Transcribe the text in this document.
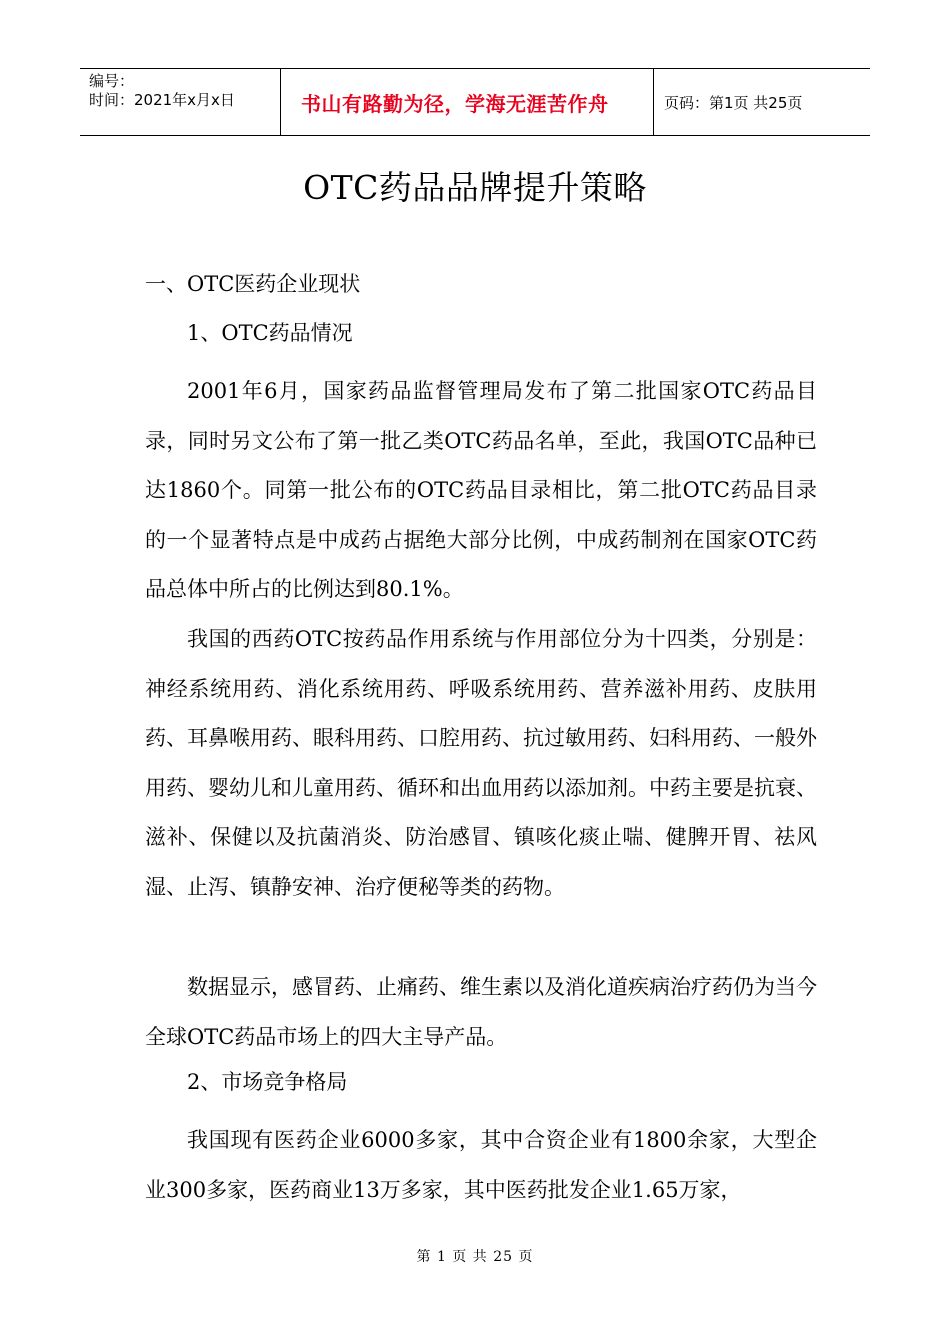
编号：
时间：2021年x月x日	书山有路勤为径，学海无涯苦作舟	页码：第1页 共25页
OTC药品品牌提升策略
一、OTC医药企业现状
1、OTC药品情况

2001年6月，国家药品监督管理局发布了第二批国家OTC药品目录，同时另文公布了第一批乙类OTC药品名单，至此，我国OTC品种已达1860个。同第一批公布的OTC药品目录相比，第二批OTC药品目录的一个显著特点是中成药占据绝大部分比例，中成药制剂在国家OTC药品总体中所占的比例达到80.1%。

我国的西药OTC按药品作用系统与作用部位分为十四类，分别是：神经系统用药、消化系统用药、呼吸系统用药、营养滋补用药、皮肤用药、耳鼻喉用药、眼科用药、口腔用药、抗过敏用药、妇科用药、一般外用药、婴幼儿和儿童用药、循环和出血用药以添加剂。中药主要是抗衰、滋补、保健以及抗菌消炎、防治感冒、镇咳化痰止喘、健脾开胃、祛风湿、止泻、镇静安神、治疗便秘等类的药物。

数据显示，感冒药、止痛药、维生素以及消化道疾病治疗药仍为当今全球OTC药品市场上的四大主导产品。

2、市场竞争格局

我国现有医药企业6000多家，其中合资企业有1800余家，大型企业300多家，医药商业13万多家，其中医药批发企业1.65万家，

第 1 页 共 25 页
